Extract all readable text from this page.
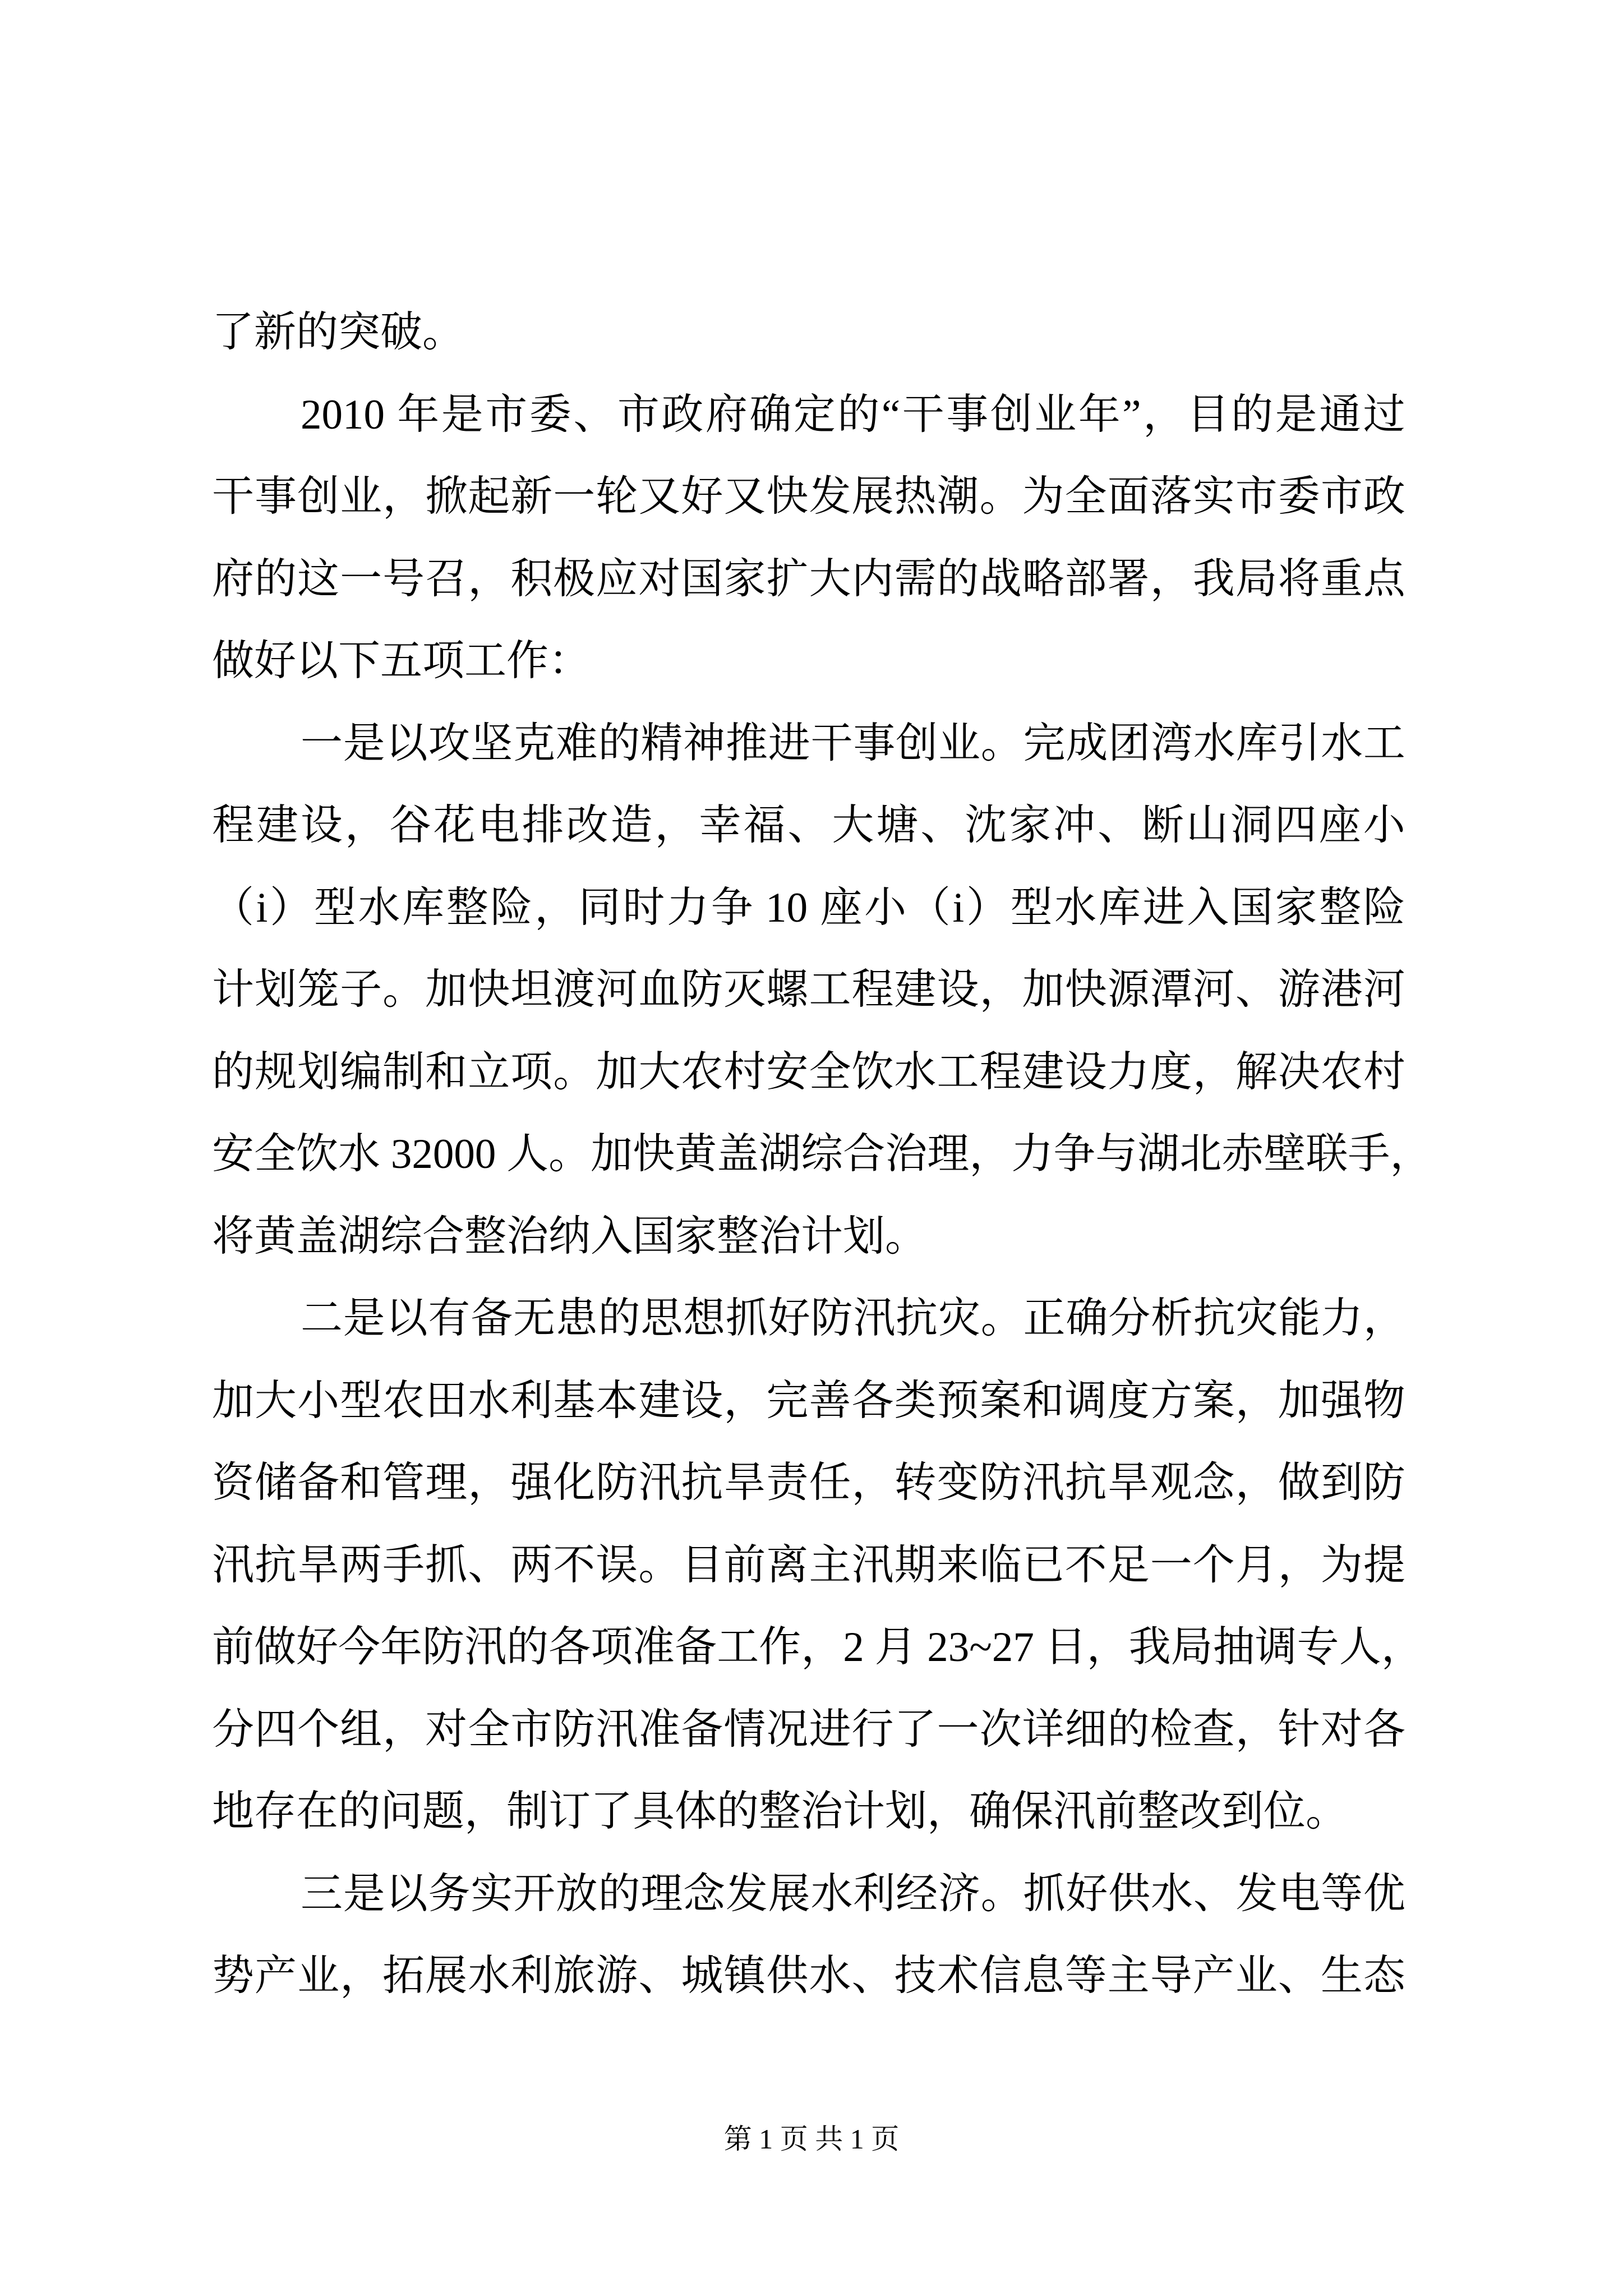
了新的突破。
2010 年 是 市 委 、 市 政 府 确 定 的 “ 干 事 创 业 年 ” ， 目 的 是 通 过
干 事 创 业 ， 掀 起 新 一 轮 又 好 又 快 发 展 热 潮 。 为 全 面 落 实 市 委 市 政
府 的 这 一 号 召 ， 积 极 应 对 国 家 扩 大 内 需 的 战 略 部 署 ， 我 局 将 重 点
做好以下五项工作：
一 是 以 攻 坚 克 难 的 精 神 推 进 干 事 创 业 。 完 成 团 湾 水 库 引 水 工
程 建 设 ， 谷 花 电 排 改 造 ， 幸 福 、 大 塘 、 沈 家 冲 、 断 山 洞 四 座 小
（ i ） 型 水 库 整 险 ， 同 时 力 争 10 座 小 （ i ） 型 水 库 进 入 国 家 整 险
计 划 笼 子 。 加 快 坦 渡 河 血 防 灭 螺 工 程 建 设 ， 加 快 源 潭 河 、 游 港 河
的 规 划 编 制 和 立 项 。 加 大 农 村 安 全 饮 水 工 程 建 设 力 度 ， 解 决 农 村
安 全 饮 水 32000 人 。 加 快 黄 盖 湖 综 合 治 理 ， 力 争 与 湖 北 赤 壁 联 手 ，
将黄盖湖综合整治纳入国家整治计划。
二 是 以 有 备 无 患 的 思 想 抓 好 防 汛 抗 灾 。 正 确 分 析 抗 灾 能 力 ，
加 大 小 型 农 田 水 利 基 本 建 设 ， 完 善 各 类 预 案 和 调 度 方 案 ， 加 强 物
资 储 备 和 管 理 ， 强 化 防 汛 抗 旱 责 任 ， 转 变 防 汛 抗 旱 观 念 ， 做 到 防
汛 抗 旱 两 手 抓 、 两 不 误 。 目 前 离 主 汛 期 来 临 已 不 足 一 个 月 ， 为 提
前 做 好 今 年 防 汛 的 各 项 准 备 工 作 ， 2 月 23~27 日 ， 我 局 抽 调 专 人 ，
分 四 个 组 ， 对 全 市 防 汛 准 备 情 况 进 行 了 一 次 详 细 的 检 查 ， 针 对 各
地存在的问题，制订了具体的整治计划，确保汛前整改到位。
三 是 以 务 实 开 放 的 理 念 发 展 水 利 经 济 。 抓 好 供 水 、 发 电 等 优
势 产 业 ， 拓 展 水 利 旅 游 、 城 镇 供 水 、 技 术 信 息 等 主 导 产 业 、 生 态
第 1 页 共 1 页
